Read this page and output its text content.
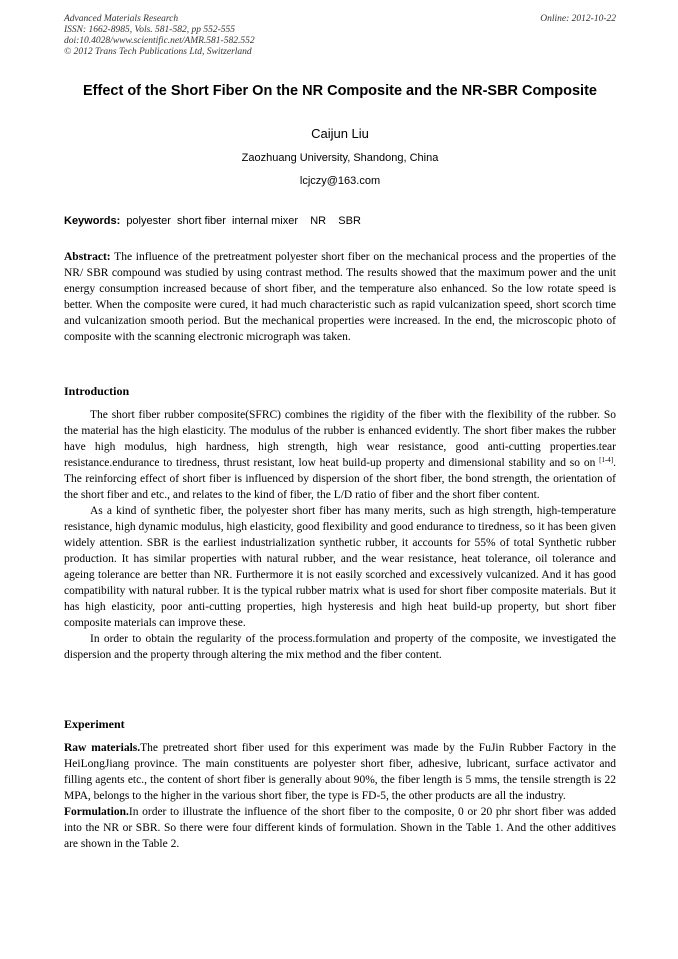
Advanced Materials Research
ISSN: 1662-8985, Vols. 581-582, pp 552-555
doi:10.4028/www.scientific.net/AMR.581-582.552
© 2012 Trans Tech Publications Ltd, Switzerland
Online: 2012-10-22
Effect of the Short Fiber On the NR Composite and the NR-SBR Composite
Caijun Liu
Zaozhuang University, Shandong, China
lcjczy@163.com
Keywords: polyester short fiber internal mixer NR SBR
Abstract: The influence of the pretreatment polyester short fiber on the mechanical process and the properties of the NR/ SBR compound was studied by using contrast method. The results showed that the maximum power and the unit energy consumption increased because of short fiber, and the temperature also enhanced. So the low rotate speed is better. When the composite were cured, it had much characteristic such as rapid vulcanization speed, short scorch time and vulcanization smooth period. But the mechanical properties were increased. In the end, the microscopic photo of composite with the scanning electronic micrograph was taken.
Introduction

The short fiber rubber composite(SFRC) combines the rigidity of the fiber with the flexibility of the rubber. So the material has the high elasticity. The modulus of the rubber is enhanced evidently. The short fiber makes the rubber have high modulus, high hardness, high strength, high wear resistance, good anti-cutting properties.tear resistance.endurance to tiredness, thrust resistant, low heat build-up property and dimensional stability and so on [1-4]. The reinforcing effect of short fiber is influenced by dispersion of the short fiber, the bond strength, the orientation of the short fiber and etc., and relates to the kind of fiber, the L/D ratio of fiber and the short fiber content.

As a kind of synthetic fiber, the polyester short fiber has many merits, such as high strength, high-temperature resistance, high dynamic modulus, high elasticity, good flexibility and good endurance to tiredness, so it has been given widely attention. SBR is the earliest industrialization synthetic rubber, it accounts for 55% of total Synthetic rubber production. It has similar properties with natural rubber, and the wear resistance, heat tolerance, oil tolerance and ageing tolerance are better than NR. Furthermore it is not easily scorched and excessively vulcanized. And it has good compatibility with natural rubber. It is the typical rubber matrix what is used for short fiber composite materials. But it has high elasticity, poor anti-cutting properties, high hysteresis and high heat build-up property, but short fiber composite materials can improve these.

In order to obtain the regularity of the process.formulation and property of the composite, we investigated the dispersion and the property through altering the mix method and the fiber content.

Experiment

Raw materials.The pretreated short fiber used for this experiment was made by the FuJin Rubber Factory in the HeiLongJiang province. The main constituents are polyester short fiber, adhesive, lubricant, surface activator and filling agents etc., the content of short fiber is generally about 90%, the fiber length is 5 mms, the tensile strength is 22 MPA, belongs to the higher in the various short fiber, the type is FD-5, the other products are all the industry.

Formulation.In order to illustrate the influence of the short fiber to the composite, 0 or 20 phr short fiber was added into the NR or SBR. So there were four different kinds of formulation. Shown in the Table 1. And the other additives are shown in the Table 2.
